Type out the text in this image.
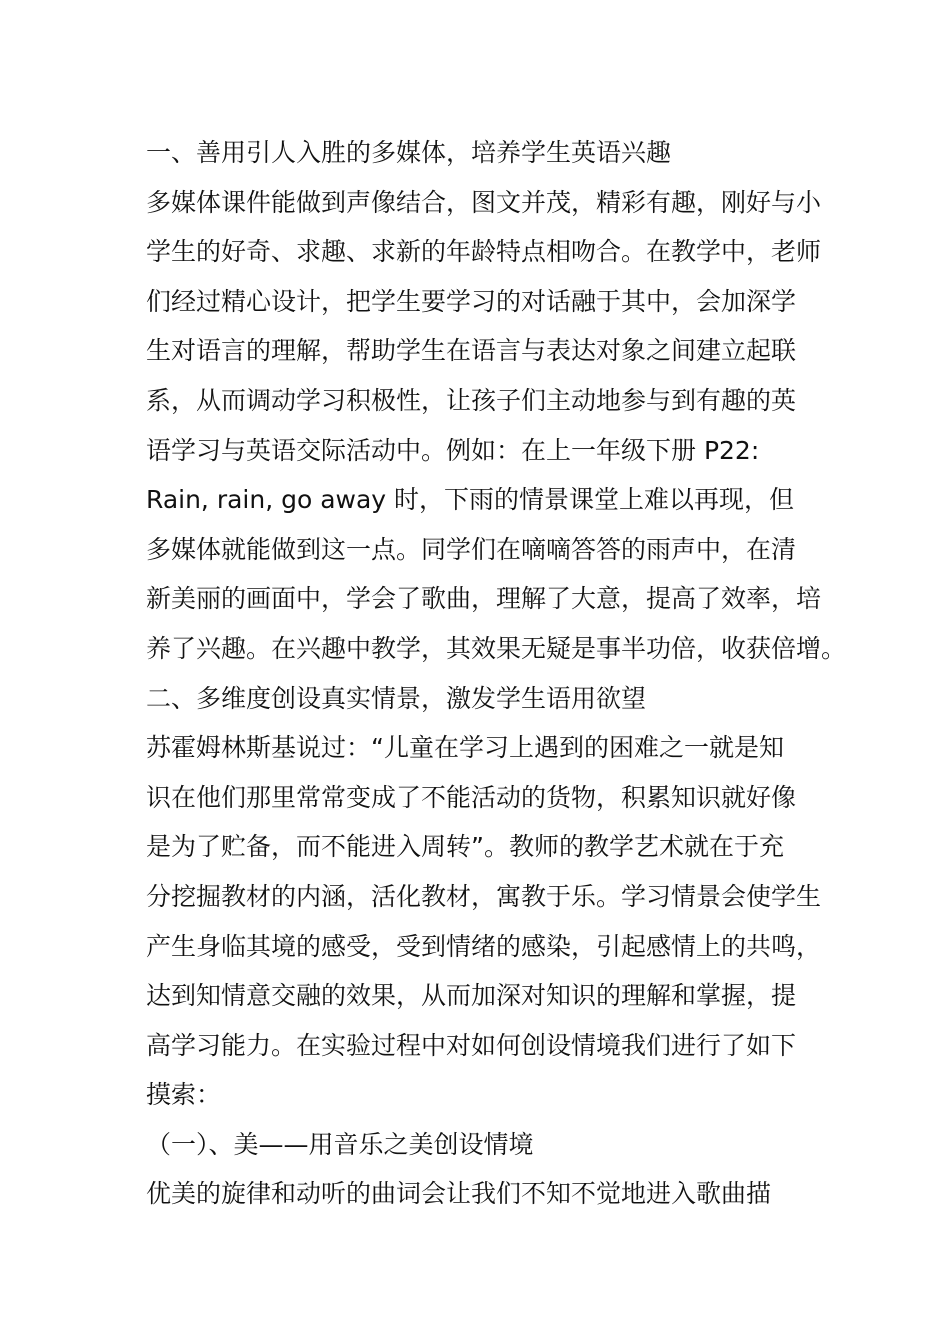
一、善用引人入胜的多媒体，培养学生英语兴趣
多媒体课件能做到声像结合，图文并茂，精彩有趣，刚好与小
学生的好奇、求趣、求新的年龄特点相吻合。在教学中，老师
们经过精心设计，把学生要学习的对话融于其中，会加深学
生对语言的理解，帮助学生在语言与表达对象之间建立起联
系，从而调动学习积极性，让孩子们主动地参与到有趣的英
语学习与英语交际活动中。例如：在上一年级下册 P22:
Rain, rain, go away 时，下雨的情景课堂上难以再现，但
多媒体就能做到这一点。同学们在嘀嘀答答的雨声中，在清
新美丽的画面中，学会了歌曲，理解了大意，提高了效率，培
养了兴趣。在兴趣中教学，其效果无疑是事半功倍，收获倍增。
二、多维度创设真实情景，激发学生语用欲望
苏霍姆林斯基说过：“儿童在学习上遇到的困难之一就是知
识在他们那里常常变成了不能活动的货物，积累知识就好像
是为了贮备，而不能进入周转”。教师的教学艺术就在于充
分挖掘教材的内涵，活化教材，寓教于乐。学习情景会使学生
产生身临其境的感受，受到情绪的感染，引起感情上的共鸣，
达到知情意交融的效果，从而加深对知识的理解和掌握，提
高学习能力。在实验过程中对如何创设情境我们进行了如下
摸索：
（一）、美——用音乐之美创设情境
优美的旋律和动听的曲词会让我们不知不觉地进入歌曲描
